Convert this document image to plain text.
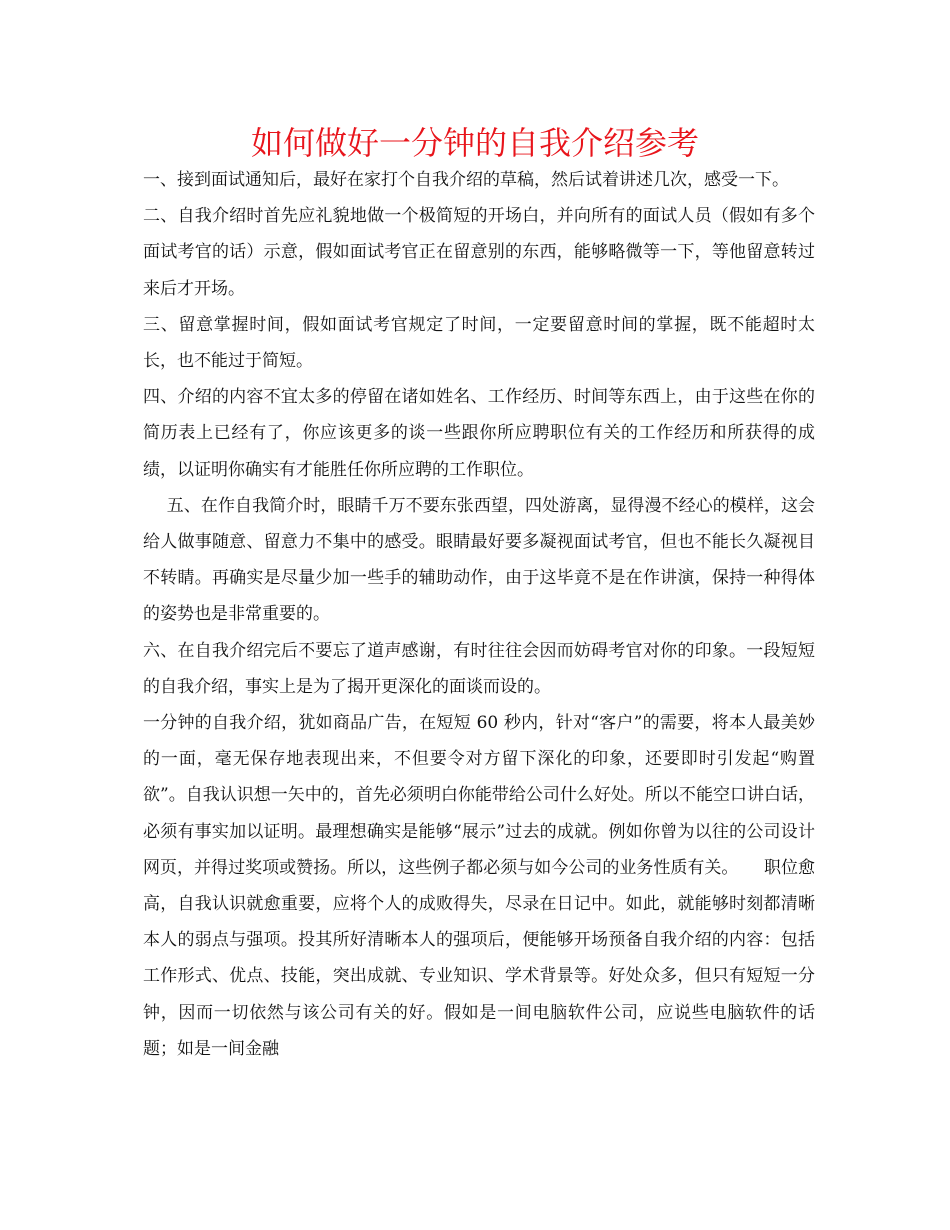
如何做好一分钟的自我介绍参考

一、接到面试通知后，最好在家打个自我介绍的草稿，然后试着讲述几次，感受一下。

二、自我介绍时首先应礼貌地做一个极简短的开场白，并向所有的面试人员（假如有多个面试考官的话）示意，假如面试考官正在留意别的东西，能够略微等一下，等他留意转过来后才开场。

三、留意掌握时间，假如面试考官规定了时间，一定要留意时间的掌握，既不能超时太长，也不能过于简短。

四、介绍的内容不宜太多的停留在诸如姓名、工作经历、时间等东西上，由于这些在你的简历表上已经有了，你应该更多的谈一些跟你所应聘职位有关的工作经历和所获得的成绩，以证明你确实有才能胜任你所应聘的工作职位。

五、在作自我简介时，眼睛千万不要东张西望，四处游离，显得漫不经心的模样，这会给人做事随意、留意力不集中的感受。眼睛最好要多凝视面试考官，但也不能长久凝视目不转睛。再确实是尽量少加一些手的辅助动作，由于这毕竟不是在作讲演，保持一种得体的姿势也是非常重要的。

六、在自我介绍完后不要忘了道声感谢，有时往往会因而妨碍考官对你的印象。一段短短的自我介绍，事实上是为了揭开更深化的面谈而设的。

一分钟的自我介绍，犹如商品广告，在短短 60 秒内，针对“客户”的需要，将本人最美妙的一面，毫无保存地表现出来，不但要令对方留下深化的印象，还要即时引发起“购置欲”。自我认识想一矢中的，首先必须明白你能带给公司什么好处。所以不能空口讲白话，必须有事实加以证明。最理想确实是能够“展示”过去的成就。例如你曾为以往的公司设计网页，并得过奖项或赞扬。所以，这些例子都必须与如今公司的业务性质有关。　　职位愈高，自我认识就愈重要，应将个人的成败得失，尽录在日记中。如此，就能够时刻都清晰本人的弱点与强项。投其所好清晰本人的强项后，便能够开场预备自我介绍的内容：包括工作形式、优点、技能，突出成就、专业知识、学术背景等。好处众多，但只有短短一分钟，因而一切依然与该公司有关的好。假如是一间电脑软件公司，应说些电脑软件的话题；如是一间金融
